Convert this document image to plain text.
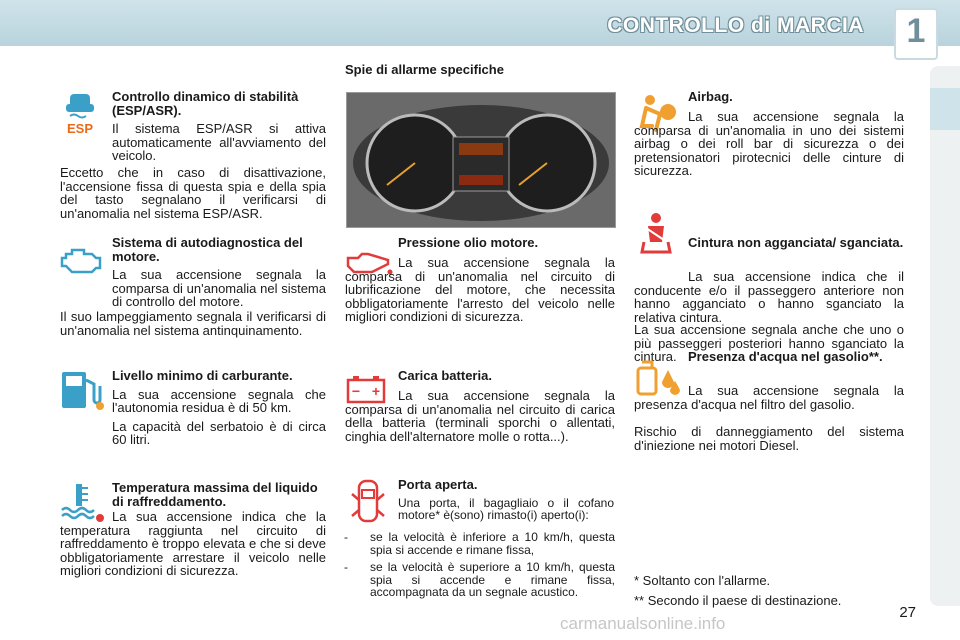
CONTROLLO di MARCIA	1
ESP

Controllo dinamico di stabilità (ESP/ASR).

Il sistema ESP/ASR si attiva automaticamente all'avviamento del veicolo.

Eccetto che in caso di disattivazione, l'accensione fissa di questa spia e della spia del tasto segnalano il verificarsi di un'anomalia nel sistema ESP/ASR.

Sistema di autodiagnostica del motore.

La sua accensione segnala la comparsa di un'anomalia nel sistema di controllo del motore.

Il suo lampeggiamento segnala il verificarsi di un'anomalia nel sistema antinquinamento.

Livello minimo di carburante.

La sua accensione segnala che l'autonomia residua è di 50 km.

La capacità del serbatoio è di circa 60 litri.

Temperatura massima del liquido di raffreddamento.

La sua accensione indica che la temperatura raggiunta nel circuito di raffreddamento è troppo elevata e che si deve obbligatoriamente arrestare il veicolo nelle migliori condizioni di sicurezza.
Spie di allarme specifiche

Pressione olio motore.

La sua accensione segnala la comparsa di un'anomalia nel circuito di lubrificazione del motore, che necessita obbligatoriamente l'arresto del veicolo nelle migliori condizioni di sicurezza.
− +

Carica batteria.

La sua accensione segnala la comparsa di un'anomalia nel circuito di carica della batteria (terminali sporchi o allentati, cinghia dell'alternatore molle o rotta...).

Porta aperta.

Una porta, il bagagliaio o il cofano motore* è(sono) rimasto(i) aperto(i):

-	se la velocità è inferiore a 10 km/h, questa spia si accende e rimane fissa,
-	se la velocità è superiore a 10 km/h, questa spia si accende e rimane fissa, accompagnata da un segnale acustico.

Airbag.

La sua accensione segnala la comparsa di un'anomalia in uno dei sistemi airbag o dei roll bar di sicurezza o dei pretensionatori pirotecnici delle cinture di sicurezza.

Cintura non agganciata/ sganciata.

La sua accensione indica che il conducente e/o il passeggero anteriore non hanno agganciato o hanno sganciato la relativa cintura.
La sua accensione segnala anche che uno o più passeggeri posteriori hanno sganciato la cintura. Presenza d'acqua nel gasolio**.

La sua accensione segnala la presenza d'acqua nel filtro del gasolio.
Rischio di danneggiamento del sistema d'iniezione nei motori Diesel.
* Soltanto con l'allarme.
** Secondo il paese di destinazione.
27
carmanualsonline.info
